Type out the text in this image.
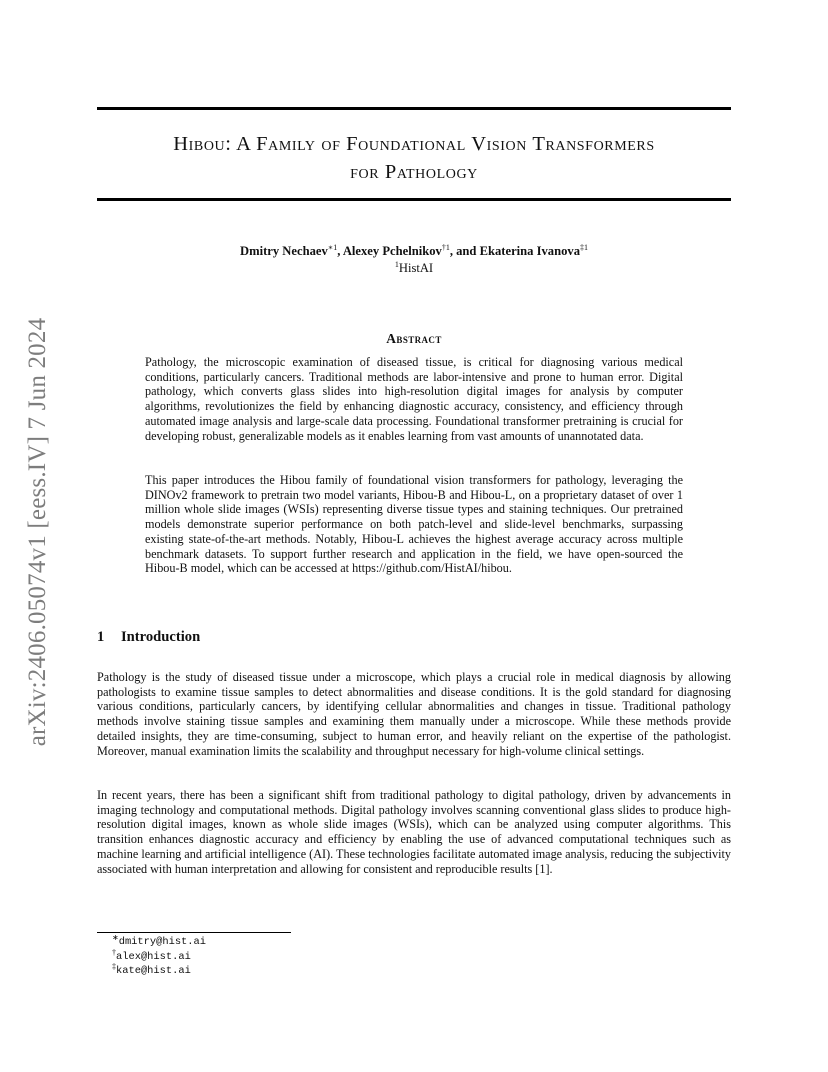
arXiv:2406.05074v1 [eess.IV] 7 Jun 2024
Hibou: A Family of Foundational Vision Transformers
for Pathology
Dmitry Nechaev$^{∗1}$, Alexey Pchelnikov$^{\dagger 1}$, and Ekaterina Ivanova$^{\ddagger 1}$
$^1$HistAI
Abstract

Pathology, the microscopic examination of diseased tissue, is critical for diagnosing various medical conditions, particularly cancers. Traditional methods are labor-intensive and prone to human error. Digital pathology, which converts glass slides into high-resolution digital images for analysis by computer algorithms, revolutionizes the field by enhancing diagnostic accuracy, consistency, and efficiency through automated image analysis and large-scale data processing. Foundational transformer pretraining is crucial for developing robust, generalizable models as it enables learning from vast amounts of unannotated data.

This paper introduces the Hibou family of foundational vision transformers for pathology, leveraging the DINOv2 framework to pretrain two model variants, Hibou-B and Hibou-L, on a proprietary dataset of over 1 million whole slide images (WSIs) representing diverse tissue types and staining techniques. Our pretrained models demonstrate superior performance on both patch-level and slide-level benchmarks, surpassing existing state-of-the-art methods. Notably, Hibou-L achieves the highest average accuracy across multiple benchmark datasets. To support further research and application in the field, we have open-sourced the Hibou-B model, which can be accessed at https://github.com/HistAI/hibou.

1 Introduction

Pathology is the study of diseased tissue under a microscope, which plays a crucial role in medical diagnosis by allowing pathologists to examine tissue samples to detect abnormalities and disease conditions. It is the gold standard for diagnosing various conditions, particularly cancers, by identifying cellular abnormalities and changes in tissue. Traditional pathology methods involve staining tissue samples and examining them manually under a microscope. While these methods provide detailed insights, they are time-consuming, subject to human error, and heavily reliant on the expertise of the pathologist. Moreover, manual examination limits the scalability and throughput necessary for high-volume clinical settings.

In recent years, there has been a significant shift from traditional pathology to digital pathology, driven by advancements in imaging technology and computational methods. Digital pathology involves scanning conventional glass slides to produce high-resolution digital images, known as whole slide images (WSIs), which can be analyzed using computer algorithms. This transition enhances diagnostic accuracy and efficiency by enabling the use of advanced computational techniques such as machine learning and artificial intelligence (AI). These technologies facilitate automated image analysis, reducing the subjectivity associated with human interpretation and allowing for consistent and reproducible results [1].

∗dmitry@hist.ai
†alex@hist.ai
‡kate@hist.ai
